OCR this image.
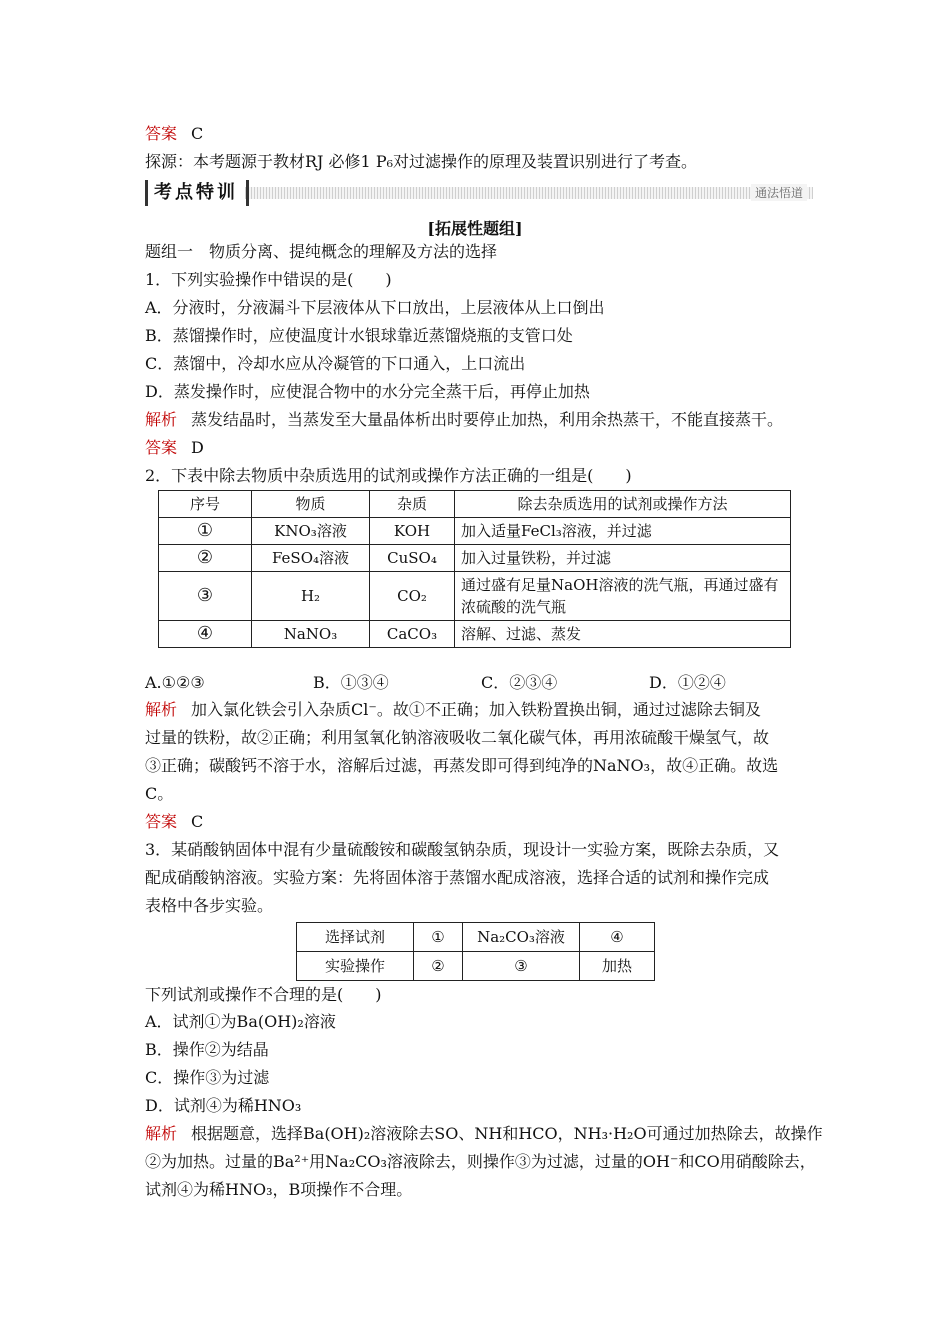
答案 C
探源：本考题源于教材RJ 必修1 P₆对过滤操作的原理及装置识别进行了考查。
考点特训	通法悟道
[拓展性题组]
题组一　物质分离、提纯概念的理解及方法的选择
1．下列实验操作中错误的是(　　)
A．分液时，分液漏斗下层液体从下口放出，上层液体从上口倒出
B．蒸馏操作时，应使温度计水银球靠近蒸馏烧瓶的支管口处
C．蒸馏中，冷却水应从冷凝管的下口通入，上口流出
D．蒸发操作时，应使混合物中的水分完全蒸干后，再停止加热
解析 蒸发结晶时，当蒸发至大量晶体析出时要停止加热，利用余热蒸干，不能直接蒸干。
答案 D
2．下表中除去物质中杂质选用的试剂或操作方法正确的一组是(　　)
序号	物质	杂质	除去杂质选用的试剂或操作方法
①	KNO₃溶液	KOH	加入适量FeCl₃溶液，并过滤
②	FeSO₄溶液	CuSO₄	加入过量铁粉，并过滤
③	H₂	CO₂	通过盛有足量NaOH溶液的洗气瓶，再通过盛有浓硫酸的洗气瓶
④	NaNO₃	CaCO₃	溶解、过滤、蒸发
A.①②③	B．①③④	C．②③④	D．①②④
解析 加入氯化铁会引入杂质Cl⁻。故①不正确；加入铁粉置换出铜，通过过滤除去铜及
过量的铁粉，故②正确；利用氢氧化钠溶液吸收二氧化碳气体，再用浓硫酸干燥氢气，故
③正确；碳酸钙不溶于水，溶解后过滤，再蒸发即可得到纯净的NaNO₃，故④正确。故选
C。
答案 C
3．某硝酸钠固体中混有少量硫酸铵和碳酸氢钠杂质，现设计一实验方案，既除去杂质，又
配成硝酸钠溶液。实验方案：先将固体溶于蒸馏水配成溶液，选择合适的试剂和操作完成
表格中各步实验。
选择试剂	①	Na₂CO₃溶液	④
实验操作	②	③	加热
下列试剂或操作不合理的是(　　)
A．试剂①为Ba(OH)₂溶液
B．操作②为结晶
C．操作③为过滤
D．试剂④为稀HNO₃
解析 根据题意，选择Ba(OH)₂溶液除去SO、NH和HCO，NH₃·H₂O可通过加热除去，故操作
②为加热。过量的Ba²⁺用Na₂CO₃溶液除去，则操作③为过滤，过量的OH⁻和CO用硝酸除去，
试剂④为稀HNO₃，B项操作不合理。
